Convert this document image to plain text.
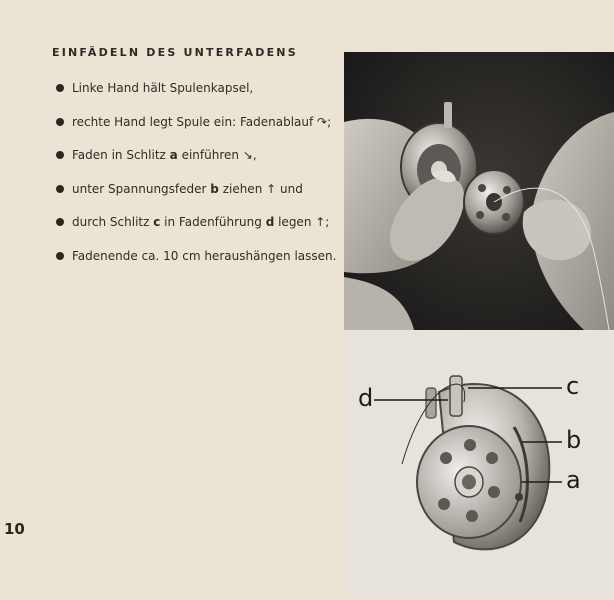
EINFÄDELN DES UNTERFADENS
Linke Hand hält Spulenkapsel,
rechte Hand legt Spule ein: Fadenablauf ↷;
Faden in Schlitz a einführen ↘,
unter Spannungsfeder b ziehen ↑ und
durch Schlitz c in Fadenführung d legen ↑;
Fadenende ca. 10 cm heraushängen lassen.
10
d	c
b
a
